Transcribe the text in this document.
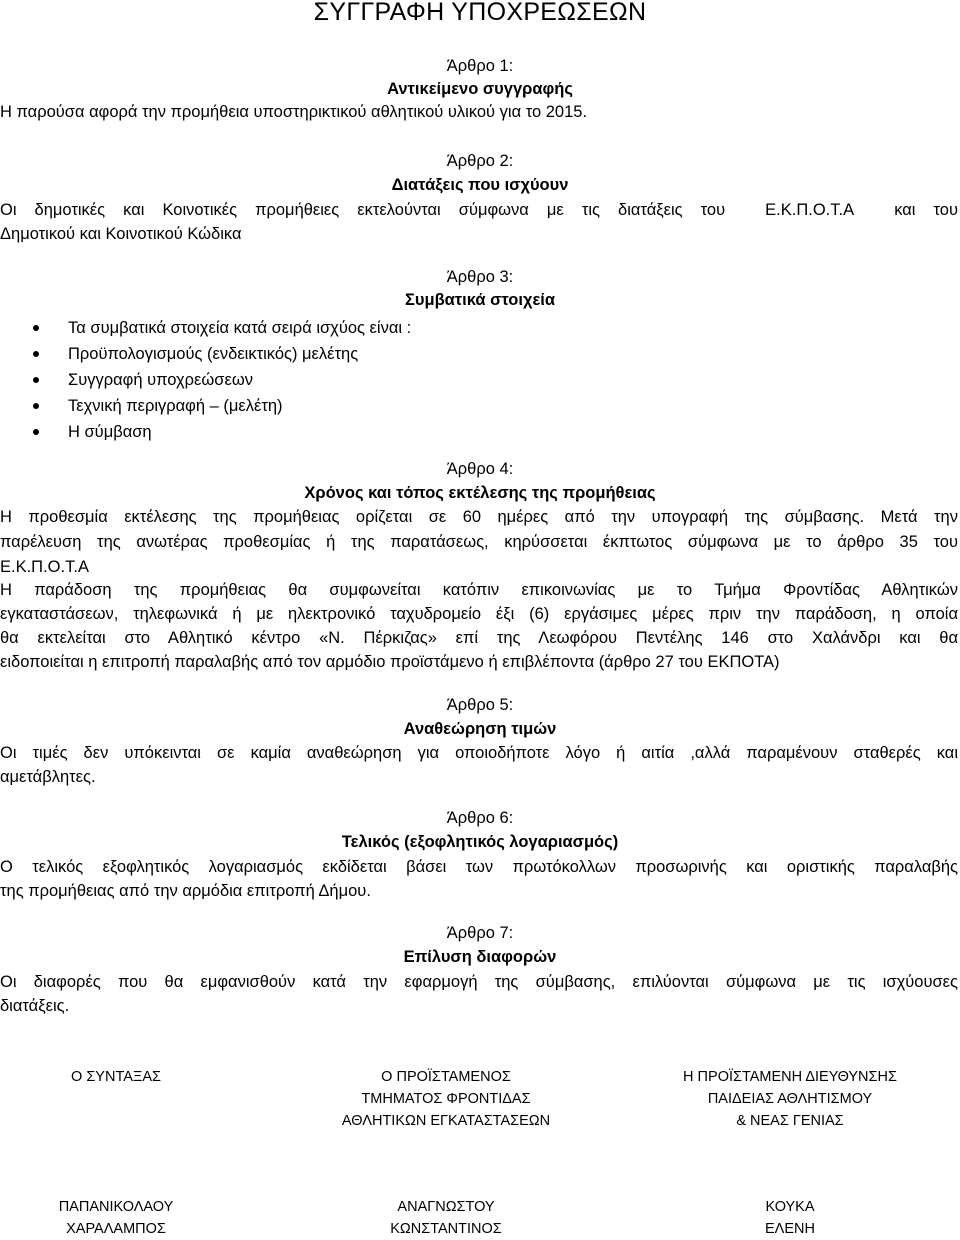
ΣΥΓΓΡΑΦΗ ΥΠΟΧΡΕΩΣΕΩΝ
Άρθρο 1:
Αντικείμενο συγγραφής
Η παρούσα αφορά την προμήθεια υποστηρικτικού αθλητικού υλικού για το 2015.
Άρθρο 2:
Διατάξεις που ισχύουν
Οι δημοτικές και Κοινοτικές προμήθειες εκτελούνται σύμφωνα με τις διατάξεις του Ε.Κ.Π.Ο.Τ.Α και του
Δημοτικού και Κοινοτικού Κώδικα
Άρθρο 3:
Συμβατικά στοιχεία
Τα συμβατικά στοιχεία κατά σειρά ισχύος είναι :
Προϋπολογισμούς (ενδεικτικός) μελέτης
Συγγραφή υποχρεώσεων
Τεχνική περιγραφή – (μελέτη)
Η σύμβαση
Άρθρο 4:
Χρόνος και τόπος εκτέλεσης της προμήθειας
Η προθεσμία εκτέλεσης της προμήθειας ορίζεται σε 60 ημέρες από την υπογραφή της σύμβασης. Μετά την
παρέλευση της ανωτέρας προθεσμίας ή της παρατάσεως, κηρύσσεται έκπτωτος σύμφωνα με το άρθρο 35 του
Ε.Κ.Π.Ο.Τ.Α
Η παράδοση της προμήθειας θα συμφωνείται κατόπιν επικοινωνίας με το Τμήμα Φροντίδας Αθλητικών
εγκαταστάσεων, τηλεφωνικά ή με ηλεκτρονικό ταχυδρομείο έξι (6) εργάσιμες μέρες πριν την παράδοση, η οποία
θα εκτελείται στο Αθλητικό κέντρο «Ν. Πέρκιζας» επί της Λεωφόρου Πεντέλης 146 στο Χαλάνδρι και θα
ειδοποιείται η επιτροπή παραλαβής από τον αρμόδιο προϊστάμενο ή επιβλέποντα (άρθρο 27 του ΕΚΠΟΤΑ)
Άρθρο 5:
Αναθεώρηση τιμών
Οι τιμές δεν υπόκεινται σε καμία αναθεώρηση για οποιοδήποτε λόγο ή αιτία ,αλλά παραμένουν σταθερές και
αμετάβλητες.
Άρθρο 6:
Τελικός (εξοφλητικός λογαριασμός)
Ο τελικός εξοφλητικός λογαριασμός εκδίδεται βάσει των πρωτόκολλων προσωρινής και οριστικής παραλαβής
της προμήθειας από την αρμόδια επιτροπή Δήμου.
Άρθρο 7:
Επίλυση διαφορών
Οι διαφορές που θα εμφανισθούν κατά την εφαρμογή της σύμβασης, επιλύονται σύμφωνα με τις ισχύουσες
διατάξεις.
Ο ΣΥΝΤΑΞΑΣ	Ο ΠΡΟΪΣΤΑΜΕΝΟΣ
ΤΜΗΜΑΤΟΣ ΦΡΟΝΤΙΔΑΣ
ΑΘΛΗΤΙΚΩΝ ΕΓΚΑΤΑΣΤΑΣΕΩΝ
Η ΠΡΟΪΣΤΑΜΕΝΗ ΔΙΕΥΘΥΝΣΗΣ
ΠΑΙΔΕΙΑΣ ΑΘΛΗΤΙΣΜΟΥ
& ΝΕΑΣ ΓΕΝΙΑΣ
ΠΑΠΑΝΙΚΟΛΑΟΥ
ΧΑΡΑΛΑΜΠΟΣ
ΑΝΑΓΝΩΣΤΟΥ
ΚΩΝΣΤΑΝΤΙΝΟΣ
ΚΟΥΚΑ
ΕΛΕΝΗ
